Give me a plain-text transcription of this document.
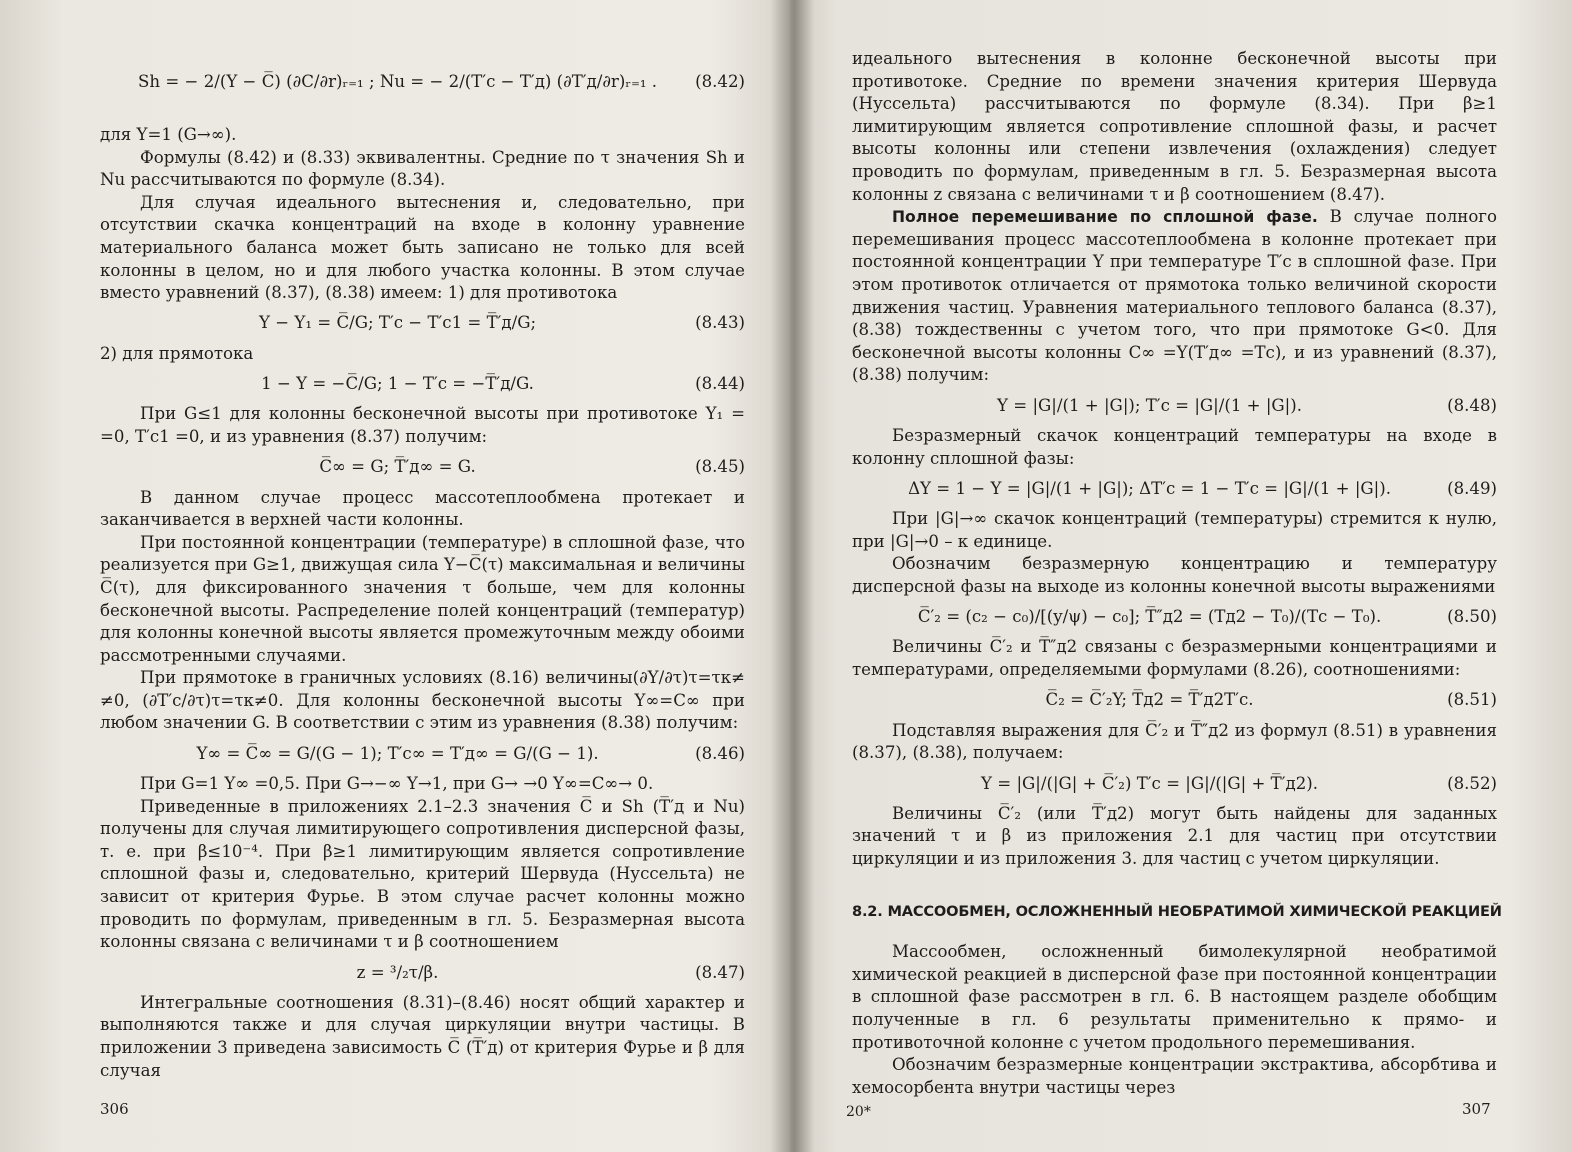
Sh = − 2/(Y − C̅) (∂C/∂r)ᵣ₌₁ ; Nu = − 2/(T′с − T′д) (∂T′д/∂r)ᵣ₌₁ .	(8.42)

для Y=1 (G→∞).

Формулы (8.42) и (8.33) эквивалентны. Средние по τ значения Sh и Nu рассчитываются по формуле (8.34).

Для случая идеального вытеснения и, следовательно, при отсутствии скачка концентраций на входе в колонну уравнение материального баланса может быть записано не только для всей колонны в целом, но и для любого участка колонны. В этом случае вместо уравнений (8.37), (8.38) имеем: 1) для противотока

Y − Y₁ = C̅/G; T′с − T′с1 = T̅′д/G;	(8.43)

2) для прямотока

1 − Y = −C̅/G; 1 − T′с = −T̅′д/G.	(8.44)

При G≤1 для колонны бесконечной высоты при противотоке Y₁ = =0, T′с1 =0, и из уравнения (8.37) получим:

C̅∞ = G; T̅′д∞ = G.	(8.45)

В данном случае процесс массотеплообмена протекает и заканчивается в верхней части колонны.

При постоянной концентрации (температуре) в сплошной фазе, что реализуется при G≥1, движущая сила Y−C̅(τ) максимальная и величины C̅(τ), для фиксированного значения τ больше, чем для колонны бесконечной высоты. Распределение полей концентраций (температур) для колонны конечной высоты является промежуточным между обоими рассмотренными случаями.

При прямотоке в граничных условиях (8.16) величины(∂Y/∂τ)τ=τк≠ ≠0, (∂T′с/∂τ)τ=τк≠0. Для колонны бесконечной высоты Y∞=C∞ при любом значении G. В соответствии с этим из уравнения (8.38) получим:

Y∞ = C̅∞ = G/(G − 1); T′с∞ = T′д∞ = G/(G − 1).	(8.46)

При G=1 Y∞ =0,5. При G→−∞ Y→1, при G→ →0 Y∞=C∞→ 0.

Приведенные в приложениях 2.1–2.3 значения C̅ и Sh (T̅′д и Nu) получены для случая лимитирующего сопротивления дисперсной фазы, т. е. при β≤10⁻⁴. При β≥1 лимитирующим является сопротивление сплошной фазы и, следовательно, критерий Шервуда (Нуссельта) не зависит от критерия Фурье. В этом случае расчет колонны можно проводить по формулам, приведенным в гл. 5. Безразмерная высота колонны связана с величинами τ и β соотношением

z = ³/₂τ/β.	(8.47)

Интегральные соотношения (8.31)–(8.46) носят общий характер и выполняются также и для случая циркуляции внутри частицы. В приложении 3 приведена зависимость C̅ (T̅′д) от критерия Фурье и β для случая

306

идеального вытеснения в колонне бесконечной высоты при противотоке. Средние по времени значения критерия Шервуда (Нуссельта) рассчитываются по формуле (8.34). При β≥1 лимитирующим является сопротивление сплошной фазы, и расчет высоты колонны или степени извлечения (охлаждения) следует проводить по формулам, приведенным в гл. 5. Безразмерная высота колонны z связана с величинами τ и β соотношением (8.47).

Полное перемешивание по сплошной фазе. В случае полного перемешивания процесс массотеплообмена в колонне протекает при постоянной концентрации Y при температуре T′с в сплошной фазе. При этом противоток отличается от прямотока только величиной скорости движения частиц. Уравнения материального теплового баланса (8.37), (8.38) тождественны с учетом того, что при прямотоке G<0. Для бесконечной высоты колонны C∞ =Y(T′д∞ =Tс), и из уравнений (8.37), (8.38) получим:

Y = |G|/(1 + |G|); T′с = |G|/(1 + |G|).	(8.48)

Безразмерный скачок концентраций температуры на входе в колонну сплошной фазы:

ΔY = 1 − Y = |G|/(1 + |G|); ΔT′с = 1 − T′с = |G|/(1 + |G|).	(8.49)

При |G|→∞ скачок концентраций (температуры) стремится к нулю, при |G|→0 – к единице.

Обозначим безразмерную концентрацию и температуру дисперсной фазы на выходе из колонны конечной высоты выражениями

C̅′₂ = (c₂ − c₀)/[(y/ψ) − c₀]; T̅″д2 = (Tд2 − T₀)/(Tс − T₀).	(8.50)

Величины C̅′₂ и T̅″д2 связаны с безразмерными концентрациями и температурами, определяемыми формулами (8.26), соотношениями:

C̅₂ = C̅′₂Y; T̅д2 = T̅′д2T′с.	(8.51)

Подставляя выражения для C̅′₂ и T̅″д2 из формул (8.51) в уравнения (8.37), (8.38), получаем:

Y = |G|/(|G| + C̅′₂) T′с = |G|/(|G| + T̅′д2).	(8.52)

Величины C̅′₂ (или T̅′д2) могут быть найдены для заданных значений τ и β из приложения 2.1 для частиц при отсутствии циркуляции и из приложения 3. для частиц с учетом циркуляции.

8.2. МАССООБМЕН, ОСЛОЖНЕННЫЙ НЕОБРАТИМОЙ ХИМИЧЕСКОЙ РЕАКЦИЕЙ

Массообмен, осложненный бимолекулярной необратимой химической реакцией в дисперсной фазе при постоянной концентрации в сплошной фазе рассмотрен в гл. 6. В настоящем разделе обобщим полученные в гл. 6 результаты применительно к прямо- и противоточной колонне с учетом продольного перемешивания.

Обозначим безразмерные концентрации экстрактива, абсорбтива и хемосорбента внутри частицы через

20*	307
